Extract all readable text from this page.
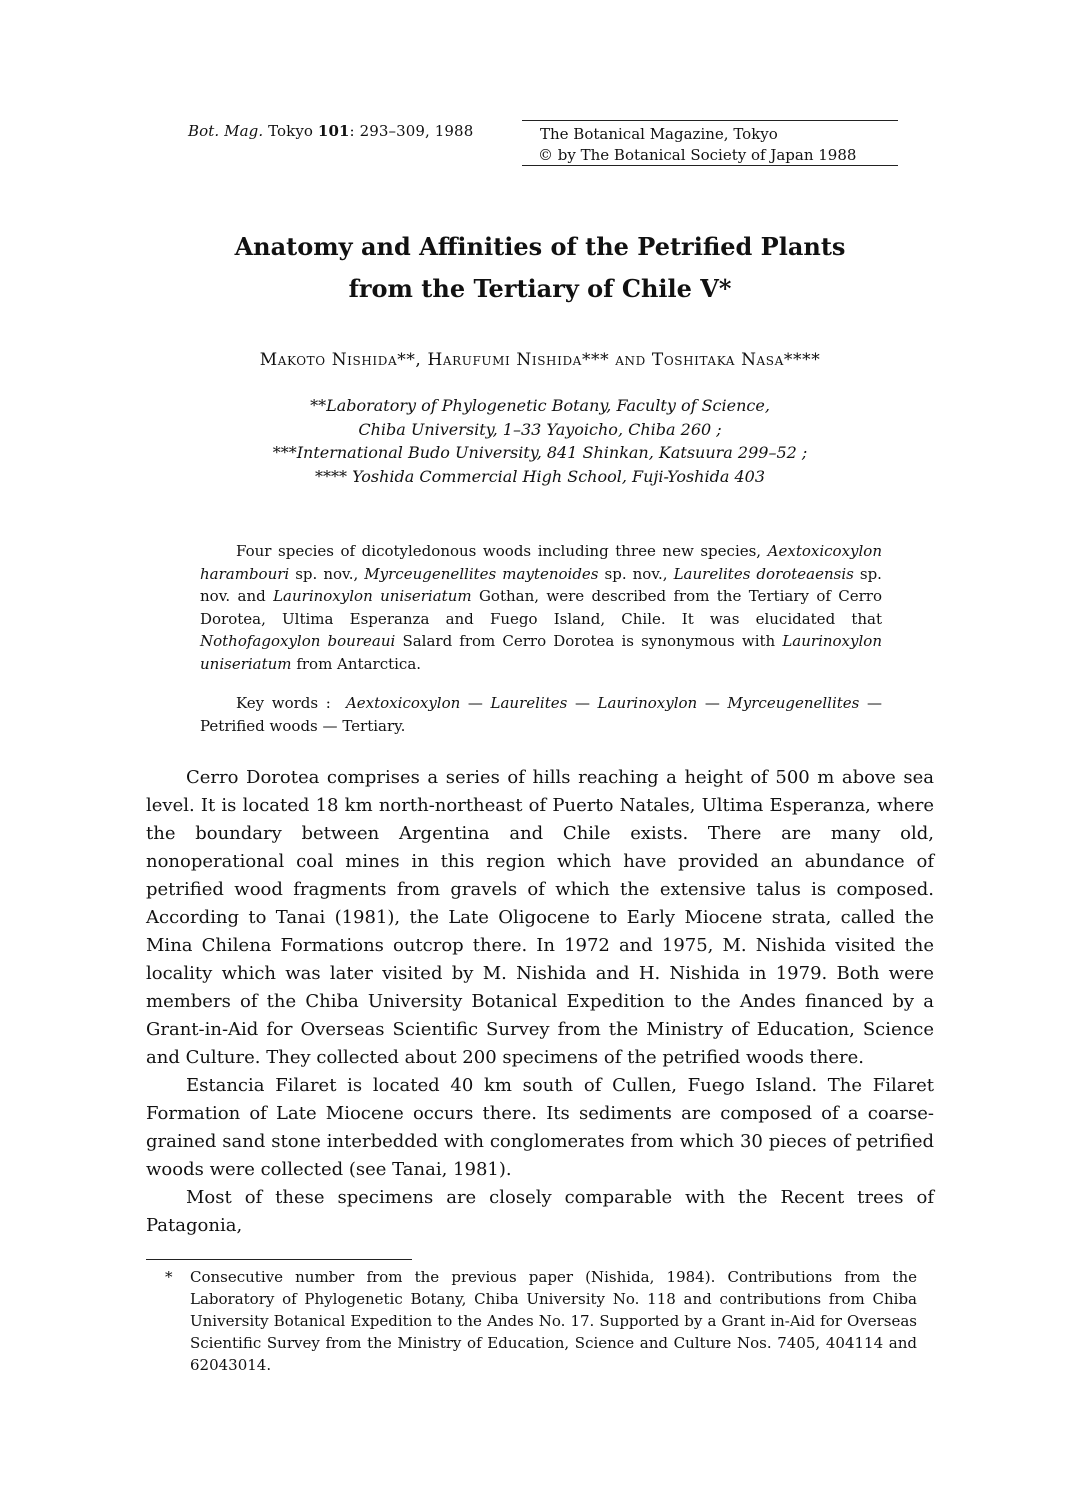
Bot. Mag. Tokyo 101: 293–309, 1988	The Botanical Magazine, Tokyo
© by The Botanical Society of Japan 1988
Anatomy and Affinities of the Petrified Plants
from the Tertiary of Chile V*
Makoto Nishida**, Harufumi Nishida*** and Toshitaka Nasa****
**Laboratory of Phylogenetic Botany, Faculty of Science,
Chiba University, 1–33 Yayoicho, Chiba 260 ;
***International Budo University, 841 Shinkan, Katsuura 299–52 ;
**** Yoshida Commercial High School, Fuji-Yoshida 403

Four species of dicotyledonous woods including three new species, Aextoxicoxylon harambouri sp. nov., Myrceugenellites maytenoides sp. nov., Laurelites doroteaensis sp. nov. and Laurinoxylon uniseriatum Gothan, were described from the Tertiary of Cerro Dorotea, Ultima Esperanza and Fuego Island, Chile. It was elucidated that Nothofagoxylon boureaui Salard from Cerro Dorotea is synonymous with Laurinoxylon uniseriatum from Antarctica.

Key words : Aextoxicoxylon — Laurelites — Laurinoxylon — Myrceugenellites — Petrified woods — Tertiary.

Cerro Dorotea comprises a series of hills reaching a height of 500 m above sea level. It is located 18 km north-northeast of Puerto Natales, Ultima Esperanza, where the boundary between Argentina and Chile exists. There are many old, nonoperational coal mines in this region which have provided an abundance of petrified wood fragments from gravels of which the extensive talus is composed. According to Tanai (1981), the Late Oligocene to Early Miocene strata, called the Mina Chilena Formations outcrop there. In 1972 and 1975, M. Nishida visited the locality which was later visited by M. Nishida and H. Nishida in 1979. Both were members of the Chiba University Botanical Expedition to the Andes financed by a Grant-in-Aid for Overseas Scientific Survey from the Ministry of Education, Science and Culture. They collected about 200 specimens of the petrified woods there.

Estancia Filaret is located 40 km south of Cullen, Fuego Island. The Filaret Formation of Late Miocene occurs there. Its sediments are composed of a coarse-grained sand stone interbedded with conglomerates from which 30 pieces of petrified woods were collected (see Tanai, 1981).

Most of these specimens are closely comparable with the Recent trees of Patagonia,

* Consecutive number from the previous paper (Nishida, 1984). Contributions from the Laboratory of Phylogenetic Botany, Chiba University No. 118 and contributions from Chiba University Botanical Expedition to the Andes No. 17. Supported by a Grant in-Aid for Overseas Scientific Survey from the Ministry of Education, Science and Culture Nos. 7405, 404114 and 62043014.
